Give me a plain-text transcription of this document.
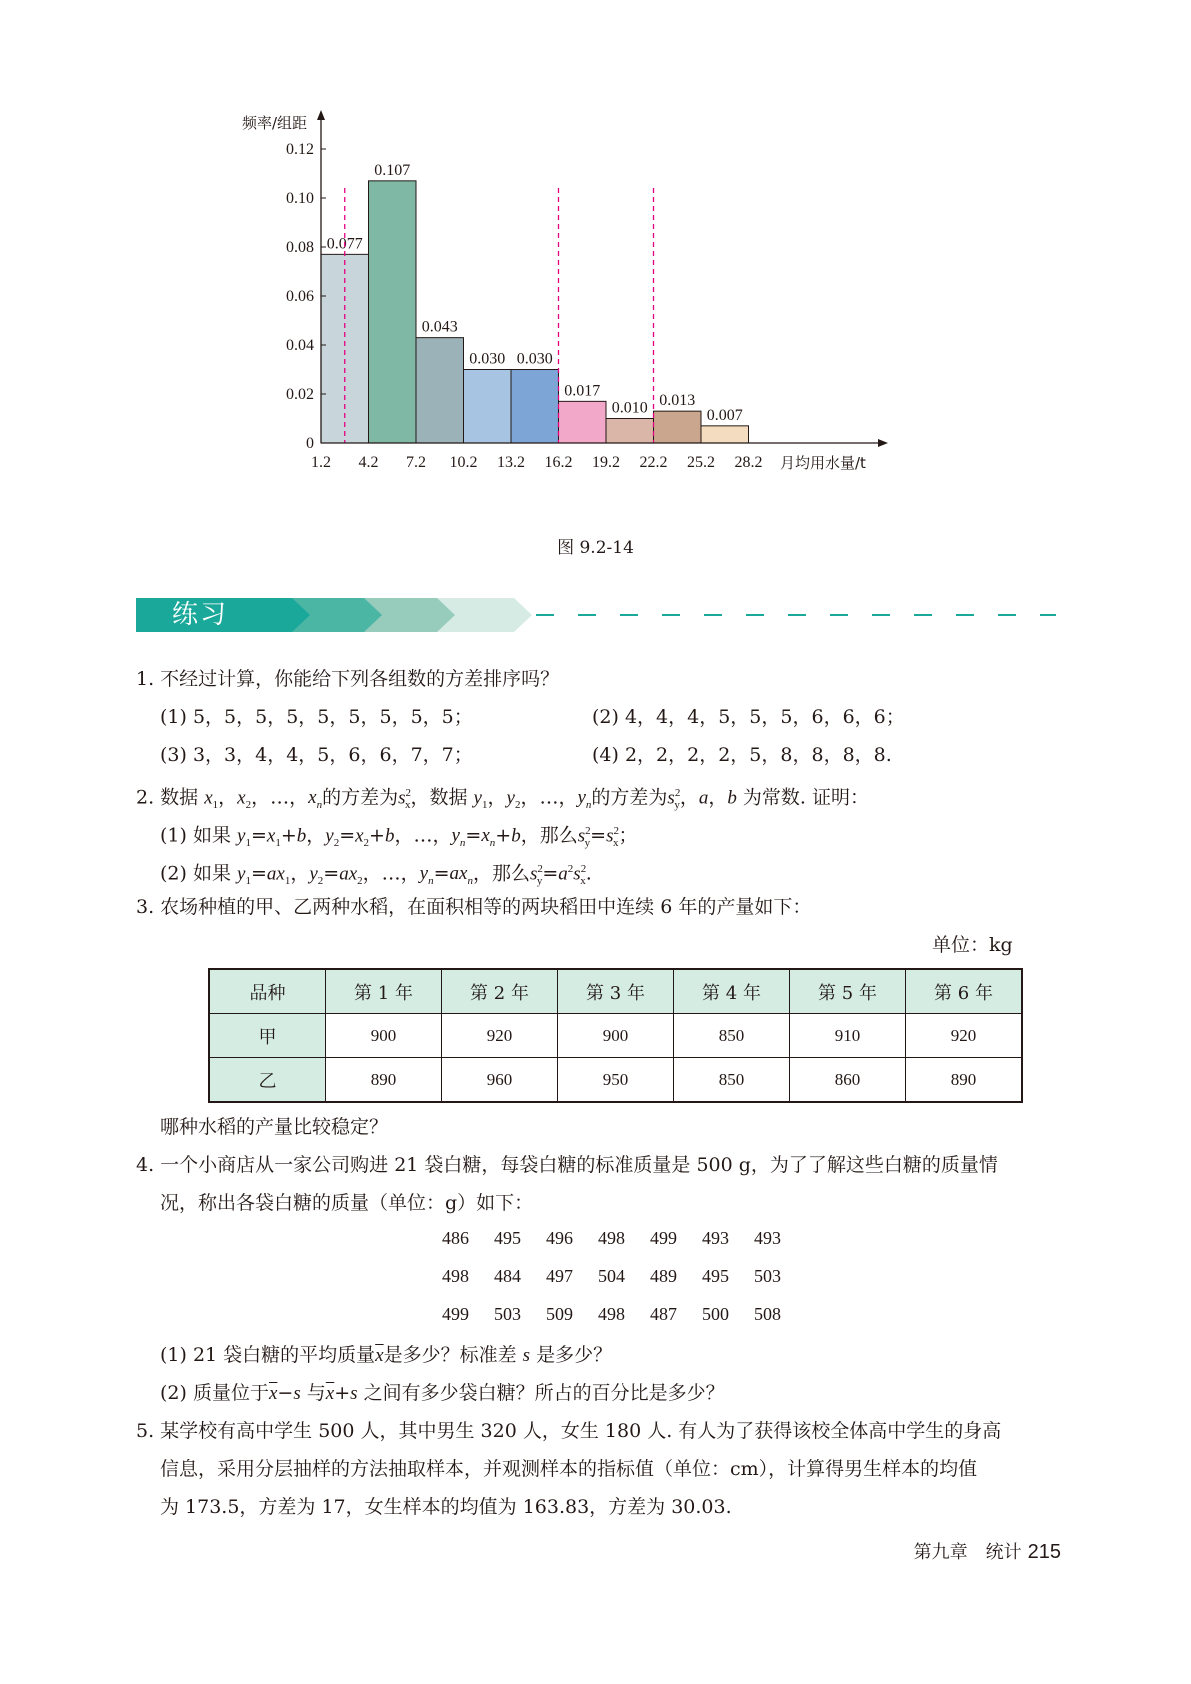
0.077
0.107
0.043
0.030 0.030
0.017
0.010 0.013
0.007
0
0.02
0.04
0.06
0.08
0.10
0.12
1.2 4.2 7.2 10.2 13.2 16.2 19.2 22.2 25.2 28.2
频率/组距
月均用水量/t
图 9.2-14
练习
1. 不经过计算，你能给下列各组数的方差排序吗？
(1) 5，5，5，5，5，5，5，5，5；	(2) 4，4，4，5，5，5，6，6，6；
(3) 3，3，4，4，5，6，6，7，7；	(4) 2，2，2，2，5，8，8，8，8.
2. 数据 $x_1$，$x_2$，…，$x_n$的方差为$s^2_x$，数据 $y_1$，$y_2$，…，$y_n$的方差为$s^2_y$，a，b 为常数. 证明：
(1) 如果 $y_1=x_1+b$，$y_2=x_2+b$，…，$y_n=x_n+b$，那么$s^2_y=s^2_x$；
(2) 如果 $y_1=ax_1$，$y_2=ax_2$，…，$y_n=ax_n$，那么$s^2_y=a^2s^2_x$.
3. 农场种植的甲、乙两种水稻，在面积相等的两块稻田中连续 6 年的产量如下：
单位：kg
品种	第 1 年	第 2 年	第 3 年	第 4 年	第 5 年	第 6 年
甲	900	920	900	850	910	920
乙	890	960	950	850	860	890
哪种水稻的产量比较稳定？
4. 一个小商店从一家公司购进 21 袋白糖，每袋白糖的标准质量是 500 g，为了了解这些白糖的质量情
况，称出各袋白糖的质量（单位：g）如下：
486 495 496 498 499 493 493
498 484 497 504 489 495 503
499 503 509 498 487 500 508
(1) 21 袋白糖的平均质量$\overline{x}$是多少？标准差 s 是多少？
(2) 质量位于$\overline{x}-s$ 与$\overline{x}+s$ 之间有多少袋白糖？所占的百分比是多少？
5. 某学校有高中学生 500 人，其中男生 320 人，女生 180 人. 有人为了获得该校全体高中学生的身高
信息，采用分层抽样的方法抽取样本，并观测样本的指标值（单位：cm），计算得男生样本的均值
为 173.5，方差为 17，女生样本的均值为 163.83，方差为 30.03.
第九章　统计 215
